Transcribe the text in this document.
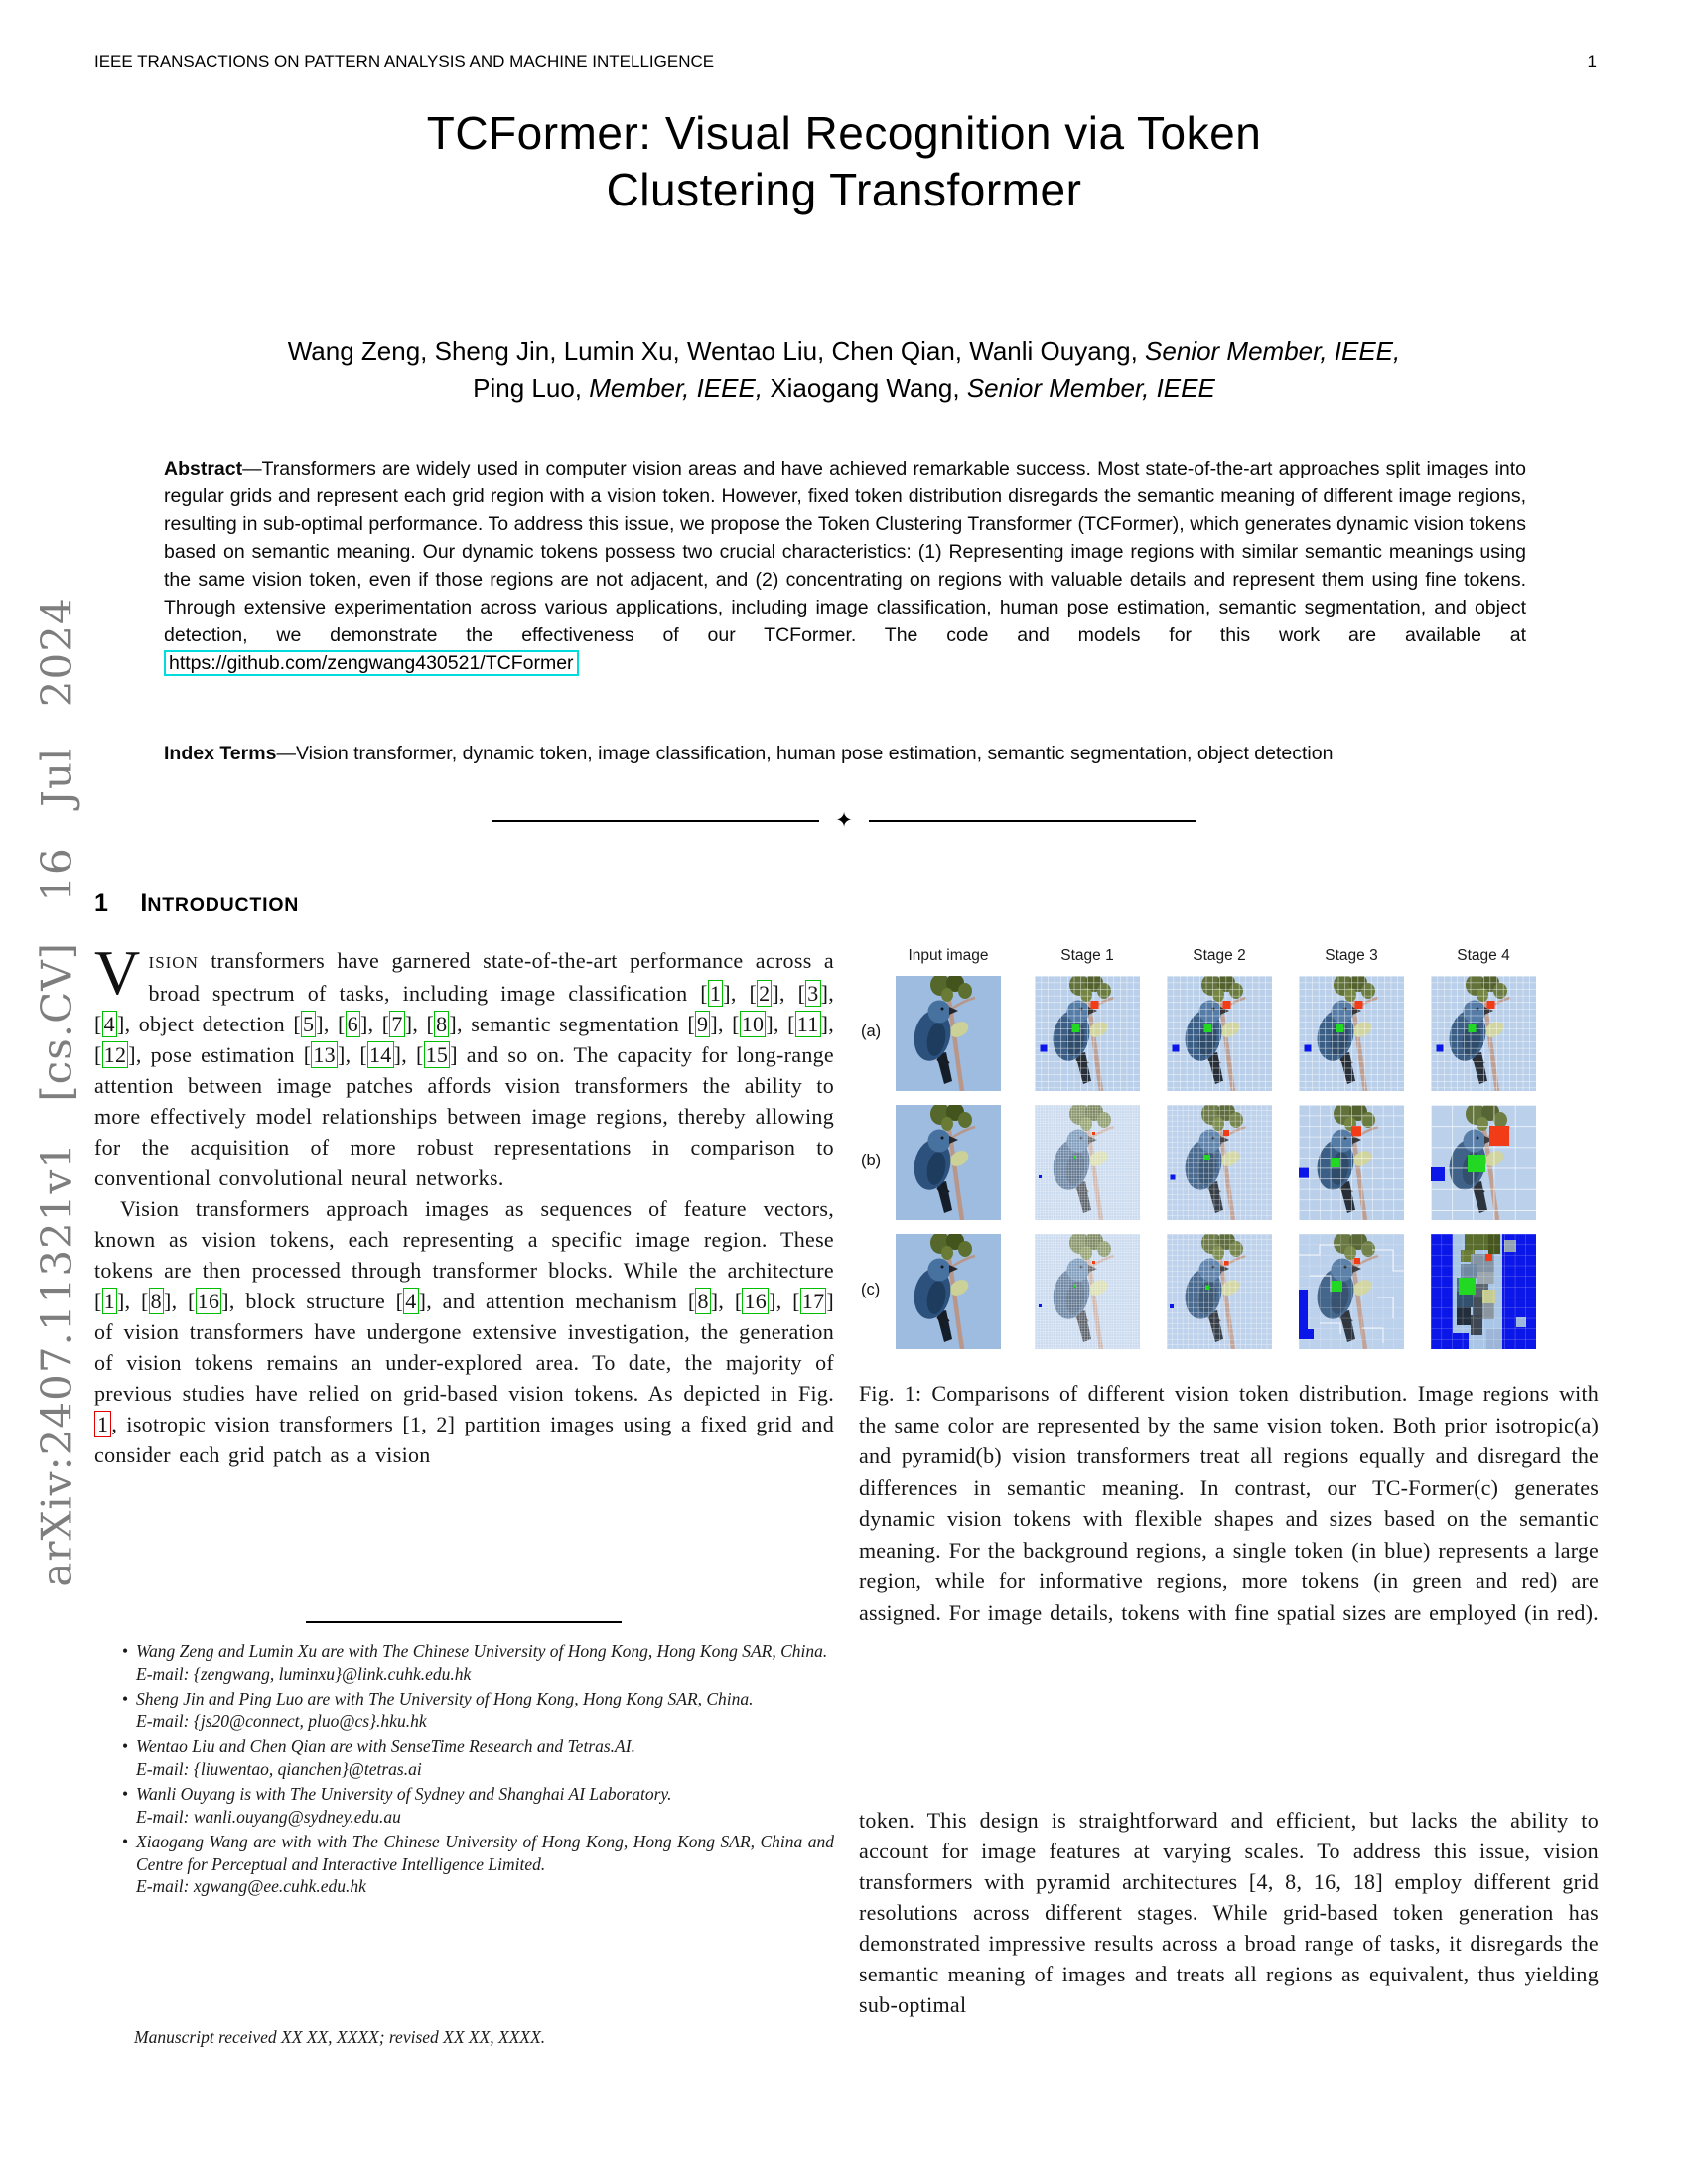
arXiv:2407.11321v1 [cs.CV] 16 Jul 2024
IEEE TRANSACTIONS ON PATTERN ANALYSIS AND MACHINE INTELLIGENCE	1
TCFormer: Visual Recognition via Token
Clustering Transformer
Wang Zeng, Sheng Jin, Lumin Xu, Wentao Liu, Chen Qian, Wanli Ouyang, Senior Member, IEEE,
Ping Luo, Member, IEEE, Xiaogang Wang, Senior Member, IEEE
Abstract—Transformers are widely used in computer vision areas and have achieved remarkable success. Most state-of-the-art approaches split images into regular grids and represent each grid region with a vision token. However, fixed token distribution disregards the semantic meaning of different image regions, resulting in sub-optimal performance. To address this issue, we propose the Token Clustering Transformer (TCFormer), which generates dynamic vision tokens based on semantic meaning. Our dynamic tokens possess two crucial characteristics: (1) Representing image regions with similar semantic meanings using the same vision token, even if those regions are not adjacent, and (2) concentrating on regions with valuable details and represent them using fine tokens. Through extensive experimentation across various applications, including image classification, human pose estimation, semantic segmentation, and object detection, we demonstrate the effectiveness of our TCFormer. The code and models for this work are available at https://github.com/zengwang430521/TCFormer
Index Terms—Vision transformer, dynamic token, image classification, human pose estimation, semantic segmentation, object detection
✦
1 INTRODUCTION

VISION transformers have garnered state-of-the-art performance across a broad spectrum of tasks, including image classification [1], [2], [3], [4], object detection [5], [6], [7], [8], semantic segmentation [9], [10], [11], [12], pose estimation [13], [14], [15] and so on. The capacity for long-range attention between image patches affords vision transformers the ability to more effectively model relationships between image regions, thereby allowing for the acquisition of more robust representations in comparison to conventional convolutional neural networks.

Vision transformers approach images as sequences of feature vectors, known as vision tokens, each representing a specific image region. These tokens are then processed through transformer blocks. While the architecture [1], [8], [16], block structure [4], and attention mechanism [8], [16], [17] of vision transformers have undergone extensive investigation, the generation of vision tokens remains an under-explored area. To date, the majority of previous studies have relied on grid-based vision tokens. As depicted in Fig. 1 , isotropic vision transformers [1, 2] partition images using a fixed grid and consider each grid patch as a vision

• Wang Zeng and Lumin Xu are with The Chinese University of Hong Kong, Hong Kong SAR, China.
E-mail: {zengwang, luminxu}@link.cuhk.edu.hk
• Sheng Jin and Ping Luo are with The University of Hong Kong, Hong Kong SAR, China.
E-mail: {js20@connect, pluo@cs}.hku.hk
• Wentao Liu and Chen Qian are with SenseTime Research and Tetras.AI.
E-mail: {liuwentao, qianchen}@tetras.ai
• Wanli Ouyang is with The University of Sydney and Shanghai AI Laboratory.
E-mail: wanli.ouyang@sydney.edu.au
• Xiaogang Wang are with with The Chinese University of Hong Kong, Hong Kong SAR, China and Centre for Perceptual and Interactive Intelligence Limited.
E-mail: xgwang@ee.cuhk.edu.hk
Manuscript received XX XX, XXXX; revised XX XX, XXXX.
Input image	Stage 1	Stage 2	Stage 3	Stage 4
(a)
(b)
(c)

Fig. 1: Comparisons of different vision token distribution. Image regions with the same color are represented by the same vision token. Both prior isotropic(a) and pyramid(b) vision transformers treat all regions equally and disregard the differences in semantic meaning. In contrast, our TC-Former(c) generates dynamic vision tokens with flexible shapes and sizes based on the semantic meaning. For the background regions, a single token (in blue) represents a large region, while for informative regions, more tokens (in green and red) are assigned. For image details, tokens with fine spatial sizes are employed (in red).

token. This design is straightforward and efficient, but lacks the ability to account for image features at varying scales. To address this issue, vision transformers with pyramid architectures [4, 8, 16, 18] employ different grid resolutions across different stages. While grid-based token generation has demonstrated impressive results across a broad range of tasks, it disregards the semantic meaning of images and treats all regions as equivalent, thus yielding sub-optimal
